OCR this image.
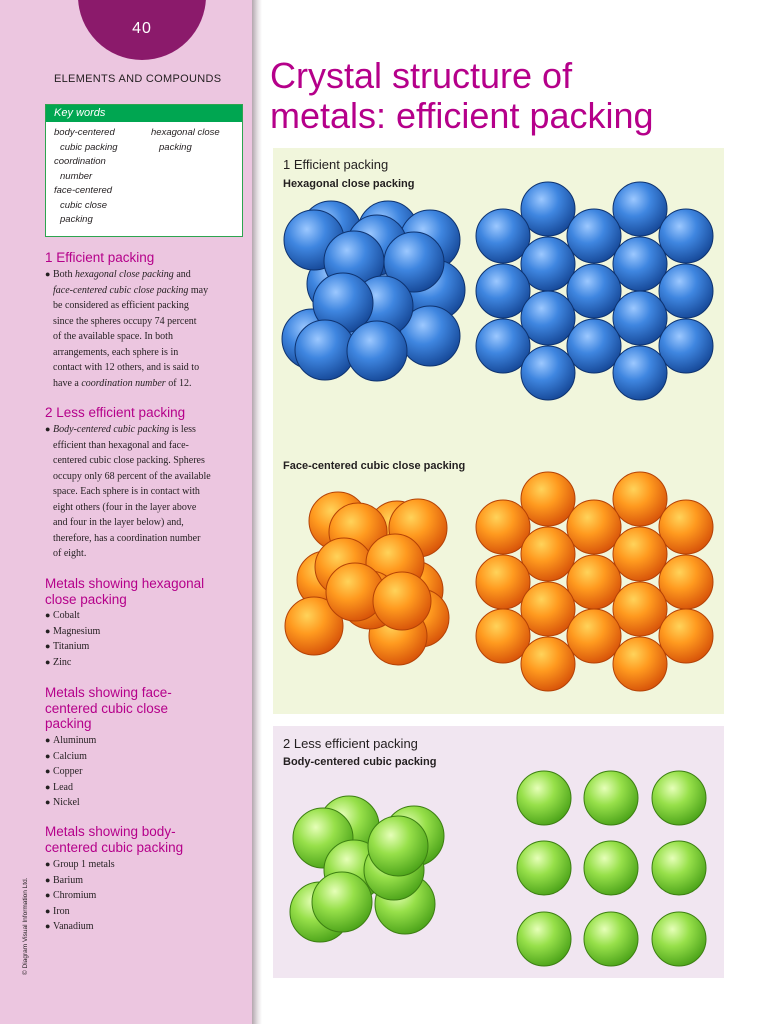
40
ELEMENTS AND COMPOUNDS
Key words
body-centered
cubic packing
coordination
number
face-centered
cubic close
packing
hexagonal close
packing
1 Efficient packing
● Both hexagonal close packing and
face-centered cubic close packing may
be considered as efficient packing
since the spheres occupy 74 percent
of the available space. In both
arrangements, each sphere is in
contact with 12 others, and is said to
have a coordination number of 12.
2 Less efficient packing
● Body-centered cubic packing is less
efficient than hexagonal and face-
centered cubic close packing. Spheres
occupy only 68 percent of the available
space. Each sphere is in contact with
eight others (four in the layer above
and four in the layer below) and,
therefore, has a coordination number
of eight.
Metals showing hexagonal
close packing
● Cobalt
● Magnesium
● Titanium
● Zinc
Metals showing face-
centered cubic close
packing
● Aluminum
● Calcium
● Copper
● Lead
● Nickel
Metals showing body-
centered cubic packing
● Group 1 metals
● Barium
● Chromium
● Iron
● Vanadium
© Diagram Visual Information Ltd.
Crystal structure of
metals: efficient packing
1 Efficient packing
Hexagonal close packing
Face-centered cubic close packing
2 Less efficient packing
Body-centered cubic packing
